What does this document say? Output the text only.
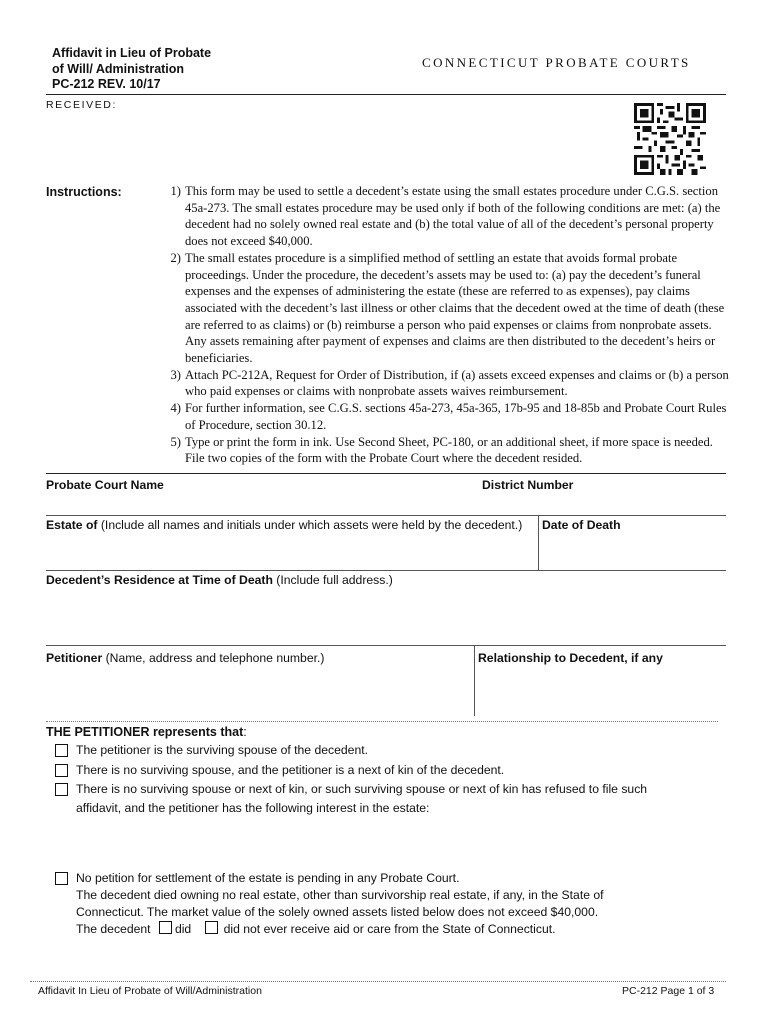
Affidavit in Lieu of Probate
of Will/ Administration
PC-212 REV. 10/17
CONNECTICUT PROBATE COURTS
RECEIVED:
Instructions:	1) This form may be used to settle a decedent’s estate using the small estates procedure under C.G.S. section 45a-273. The small estates procedure may be used only if both of the following conditions are met: (a) the decedent had no solely owned real estate and (b) the total value of all of the decedent’s personal property does not exceed $40,000.
2) The small estates procedure is a simplified method of settling an estate that avoids formal probate proceedings. Under the procedure, the decedent’s assets may be used to: (a) pay the decedent’s funeral expenses and the expenses of administering the estate (these are referred to as expenses), pay claims associated with the decedent’s last illness or other claims that the decedent owed at the time of death (these are referred to as claims) or (b) reimburse a person who paid expenses or claims from nonprobate assets. Any assets remaining after payment of expenses and claims are then distributed to the decedent’s heirs or beneficiaries.
3) Attach PC-212A, Request for Order of Distribution, if (a) assets exceed expenses and claims or (b) a person who paid expenses or claims with nonprobate assets waives reimbursement.
4) For further information, see C.G.S. sections 45a-273, 45a-365, 17b-95 and 18-85b and Probate Court Rules of Procedure, section 30.12.
5) Type or print the form in ink. Use Second Sheet, PC-180, or an additional sheet, if more space is needed. File two copies of the form with the Probate Court where the decedent resided.
Probate Court Name	District Number
Estate of (Include all names and initials under which assets were held by the decedent.) Date of Death
Decedent’s Residence at Time of Death (Include full address.)
Petitioner (Name, address and telephone number.)	Relationship to Decedent, if any
THE PETITIONER represents that:
The petitioner is the surviving spouse of the decedent.
There is no surviving spouse, and the petitioner is a next of kin of the decedent.
There is no surviving spouse or next of kin, or such surviving spouse or next of kin has refused to file such
affidavit, and the petitioner has the following interest in the estate:
No petition for settlement of the estate is pending in any Probate Court.
The decedent died owning no real estate, other than survivorship real estate, if any, in the State of
Connecticut. The market value of the solely owned assets listed below does not exceed $40,000.
The decedent did	did not ever receive aid or care from the State of Connecticut.
Affidavit In Lieu of Probate of Will/Administration	PC-212 Page 1 of 3
